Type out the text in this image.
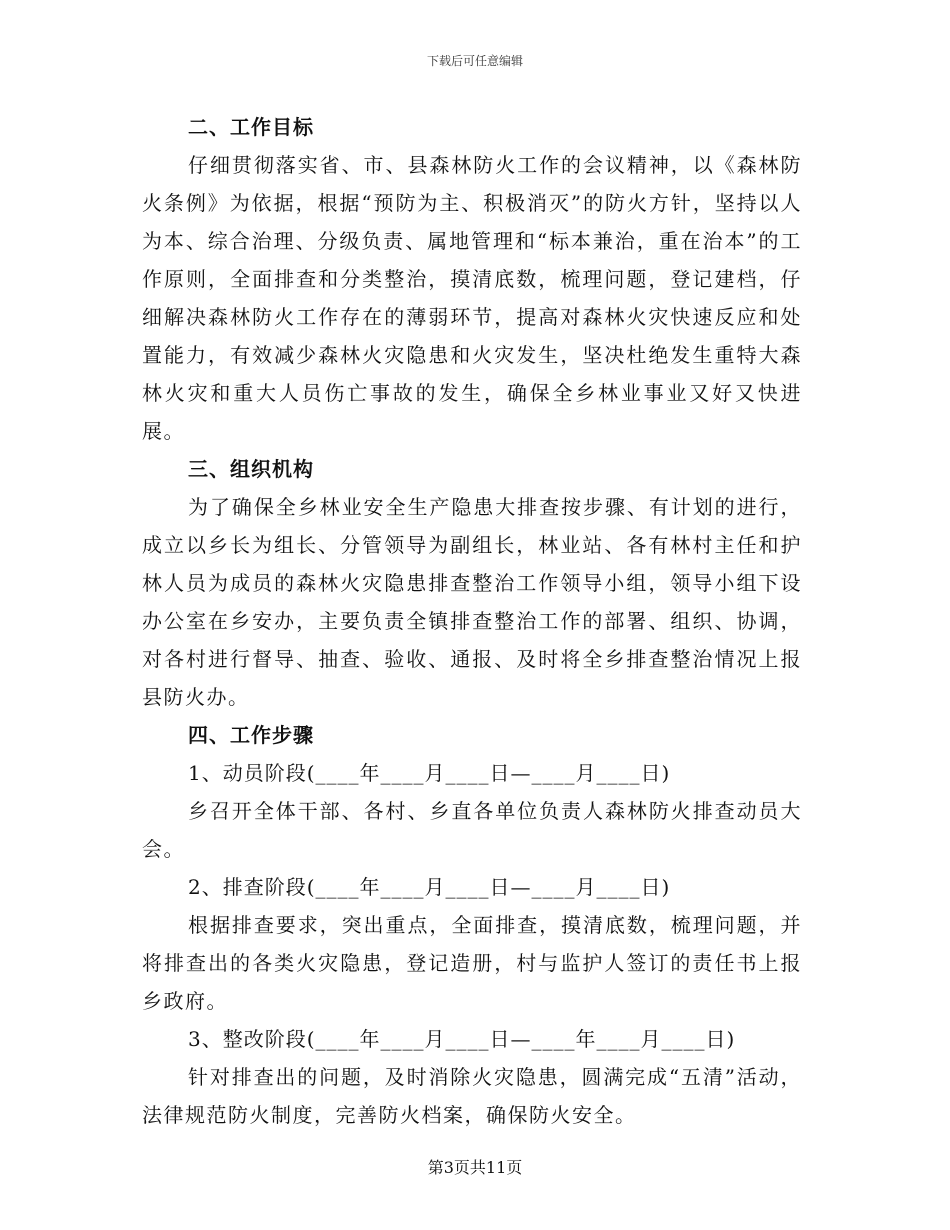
下载后可任意编辑

二、工作目标

仔细贯彻落实省、市、县森林防火工作的会议精神，以《森林防火条例》为依据，根据“预防为主、积极消灭”的防火方针，坚持以人为本、综合治理、分级负责、属地管理和“标本兼治，重在治本”的工作原则，全面排查和分类整治，摸清底数，梳理问题，登记建档，仔细解决森林防火工作存在的薄弱环节，提高对森林火灾快速反应和处置能力，有效减少森林火灾隐患和火灾发生，坚决杜绝发生重特大森林火灾和重大人员伤亡事故的发生，确保全乡林业事业又好又快进展。

三、组织机构

为了确保全乡林业安全生产隐患大排查按步骤、有计划的进行，成立以乡长为组长、分管领导为副组长，林业站、各有林村主任和护林人员为成员的森林火灾隐患排查整治工作领导小组，领导小组下设办公室在乡安办，主要负责全镇排查整治工作的部署、组织、协调，对各村进行督导、抽查、验收、通报、及时将全乡排查整治情况上报县防火办。

四、工作步骤

1、动员阶段(____年____月____日—____月____日)

乡召开全体干部、各村、乡直各单位负责人森林防火排查动员大会。

2、排查阶段(____年____月____日—____月____日)

根据排查要求，突出重点，全面排查，摸清底数，梳理问题，并将排查出的各类火灾隐患，登记造册，村与监护人签订的责任书上报乡政府。

3、整改阶段(____年____月____日—____年____月____日)

针对排查出的问题，及时消除火灾隐患，圆满完成“五清”活动，法律规范防火制度，完善防火档案，确保防火安全。

第3页共11页
